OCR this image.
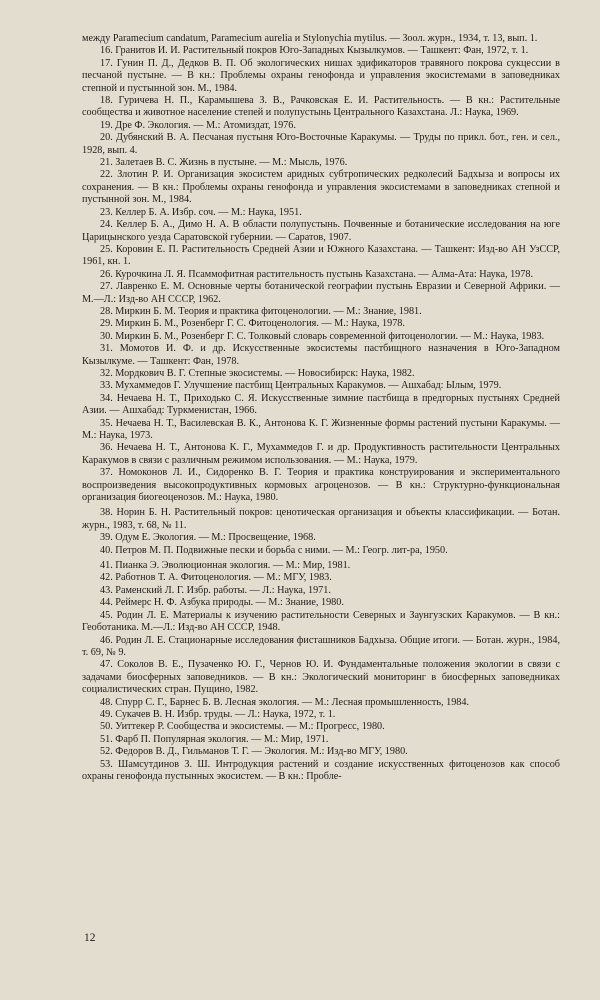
между Paramecium candatum, Paramecium aurelia и Stylonychia mytilus. — Зоол. журн., 1934, т. 13, вып. 1.

16. Гранитов И. И. Растительный покров Юго-Западных Кызылкумов. — Ташкент: Фан, 1972, т. 1.

17. Гунин П. Д., Дедков В. П. Об экологических нишах эдификаторов травяного покрова сукцессии в песчаной пустыне. — В кн.: Проблемы охраны генофонда и управления экосистемами в заповедниках степной и пустынной зон. М., 1984.

18. Гуричева Н. П., Карамышева З. В., Рачковская Е. И. Растительность. — В кн.: Растительные сообщества и животное население степей и полупустынь Центрального Казахстана. Л.: Наука, 1969.

19. Дре Ф. Экология. — М.: Атомиздат, 1976.

20. Дубянский В. А. Песчаная пустыня Юго-Восточные Каракумы. — Труды по прикл. бот., ген. и сел., 1928, вып. 4.

21. Залетаев В. С. Жизнь в пустыне. — М.: Мысль, 1976.

22. Злотин Р. И. Организация экосистем аридных субтропических редколесий Бадхыза и вопросы их сохранения. — В кн.: Проблемы охраны генофонда и управления экосистемами в заповедниках степной и пустынной зон. М., 1984.

23. Келлер Б. А. Избр. соч. — М.: Наука, 1951.

24. Келлер Б. А., Димо Н. А. В области полупустынь. Почвенные и ботанические исследования на юге Царицынского уезда Саратовской губернии. — Саратов, 1907.

25. Коровин Е. П. Растительность Средней Азии и Южного Казахстана. — Ташкент: Изд-во АН УзССР, 1961, кн. 1.

26. Курочкина Л. Я. Псаммофитная растительность пустынь Казахстана. — Алма-Ата: Наука, 1978.

27. Лавренко Е. М. Основные черты ботанической географии пустынь Евразии и Северной Африки. — М.—Л.: Изд-во АН СССР, 1962.

28. Миркин Б. М. Теория и практика фитоценологии. — М.: Знание, 1981.

29. Миркин Б. М., Розенберг Г. С. Фитоценология. — М.: Наука, 1978.

30. Миркин Б. М., Розенберг Г. С. Толковый словарь современной фитоценологии. — М.: Наука, 1983.

31. Момотов И. Ф. и др. Искусственные экосистемы пастбищного назначения в Юго-Западном Кызылкуме. — Ташкент: Фан, 1978.

32. Мордкович В. Г. Степные экосистемы. — Новосибирск: Наука, 1982.

33. Мухаммедов Г. Улучшение пастбищ Центральных Каракумов. — Ашхабад: Ылым, 1979.

34. Нечаева Н. Т., Приходько С. Я. Искусственные зимние пастбища в предгорных пустынях Средней Азии. — Ашхабад: Туркменистан, 1966.

35. Нечаева Н. Т., Василевская В. К., Антонова К. Г. Жизненные формы растений пустыни Каракумы. — М.: Наука, 1973.

36. Нечаева Н. Т., Антонова К. Г., Мухаммедов Г. и др. Продуктивность растительности Центральных Каракумов в связи с различным режимом использования. — М.: Наука, 1979.

37. Номоконов Л. И., Сидоренко В. Г. Теория и практика конструирования и экспериментального воспроизведения высокопродуктивных кормовых агроценозов. — В кн.: Структурно-функциональная организация биогеоценозов. М.: Наука, 1980.

38. Норин Б. Н. Растительный покров: ценотическая организация и объекты классификации. — Ботан. журн., 1983, т. 68, № 11.

39. Одум Е. Экология. — М.: Просвещение, 1968.

40. Петров М. П. Подвижные пески и борьба с ними. — М.: Геогр. лит-ра, 1950.

41. Пианка Э. Эволюционная экология. — М.: Мир, 1981.

42. Работнов Т. А. Фитоценология. — М.: МГУ, 1983.

43. Раменский Л. Г. Избр. работы. — Л.: Наука, 1971.

44. Реймерс Н. Ф. Азбука природы. — М.: Знание, 1980.

45. Родин Л. Е. Материалы к изучению растительности Северных и Заунгузских Каракумов. — В кн.: Геоботаника. М.—Л.: Изд-во АН СССР, 1948.

46. Родин Л. Е. Стационарные исследования фисташников Бадхыза. Общие итоги. — Ботан. журн., 1984, т. 69, № 9.

47. Соколов В. Е., Пузаченко Ю. Г., Чернов Ю. И. Фундаментальные положения экологии в связи с задачами биосферных заповедников. — В кн.: Экологический мониторинг в биосферных заповедниках социалистических стран. Пущино, 1982.

48. Спурр С. Г., Барнес Б. В. Лесная экология. — М.: Лесная промышленность, 1984.

49. Сукачев В. Н. Избр. труды. — Л.: Наука, 1972, т. 1.

50. Уиттекер Р. Сообщества и экосистемы. — М.: Прогресс, 1980.

51. Фарб П. Популярная экология. — М.: Мир, 1971.

52. Федоров В. Д., Гильманов Т. Г. — Экология. М.: Изд-во МГУ, 1980.

53. Шамсутдинов З. Ш. Интродукция растений и создание искусственных фитоценозов как способ охраны генофонда пустынных экосистем. — В кн.: Пробле-

12
